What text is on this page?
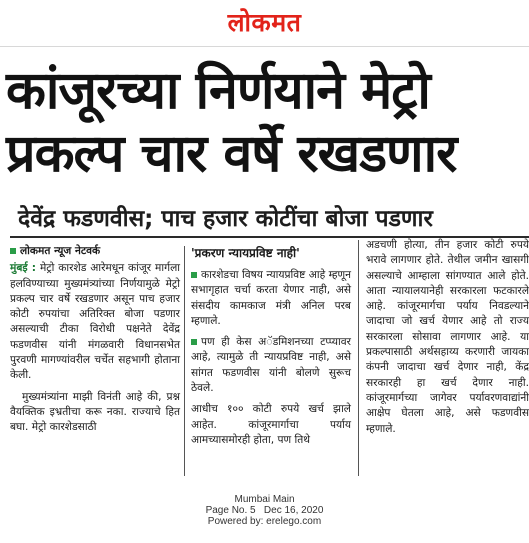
लोकमत
कांजूरच्या निर्णयाने मेट्रो
प्रकल्प चार वर्षे रखडणार
देवेंद्र फडणवीस; पाच हजार कोटींचा बोजा पडणार
लोकमत न्यूज नेटवर्क

मुंबई : मेट्रो कारशेड आरेमधून कांजूर मार्गला हलविण्याच्या मुख्यमंत्र्यांच्या निर्णयामुळे मेट्रो प्रकल्प चार वर्षे रखडणार असून पाच हजार कोटी रुपयांचा अतिरिक्त बोजा पडणार असल्याची टीका विरोधी पक्षनेते देवेंद्र फडणवीस यांनी मंगळवारी विधानसभेत पुरवणी मागण्यांवरील चर्चेत सहभागी होताना केली.

मुख्यमंत्र्यांना माझी विनंती आहे की, प्रश्न वैयक्तिक इभ्रतीचा करू नका. राज्याचे हित बघा. मेट्रो कारशेडसाठी

'प्रकरण न्यायप्रविष्ट नाही'
कारशेडचा विषय न्यायप्रविष्ट आहे म्हणून सभागृहात चर्चा करता येणार नाही, असे संसदीय कामकाज मंत्री अनिल परब म्हणाले.
पण ही केस अॅडमिशनच्या टप्प्यावर आहे, त्यामुळे ती न्यायप्रविष्ट नाही, असे सांगत फडणवीस यांनी बोलणे सुरूच ठेवले.

आधीच १०० कोटी रुपये खर्च झाले आहेत. कांजूरमार्गाचा पर्याय आमच्यासमोरही होता, पण तिथे

अडचणी होत्या, तीन हजार कोटी रुपये भरावे लागणार होते. तेथील जमीन खासगी असल्याचे आम्हाला सांगण्यात आले होते. आता न्यायालयानेही सरकारला फटकारले आहे. कांजूरमार्गचा पर्याय निवडल्याने जादाचा जो खर्च येणार आहे तो राज्य सरकारला सोसावा लागणार आहे. या प्रकल्पासाठी अर्थसहाय्य करणारी जायका कंपनी जादाचा खर्च देणार नाही, केंद्र सरकारही हा खर्च देणार नाही. कांजूरमार्गच्या जागेवर पर्यावरणवाद्यांनी आक्षेप घेतला आहे, असे फडणवीस म्हणाले.

Mumbai Main
Page No. 5   Dec 16, 2020
Powered by: erelego.com
